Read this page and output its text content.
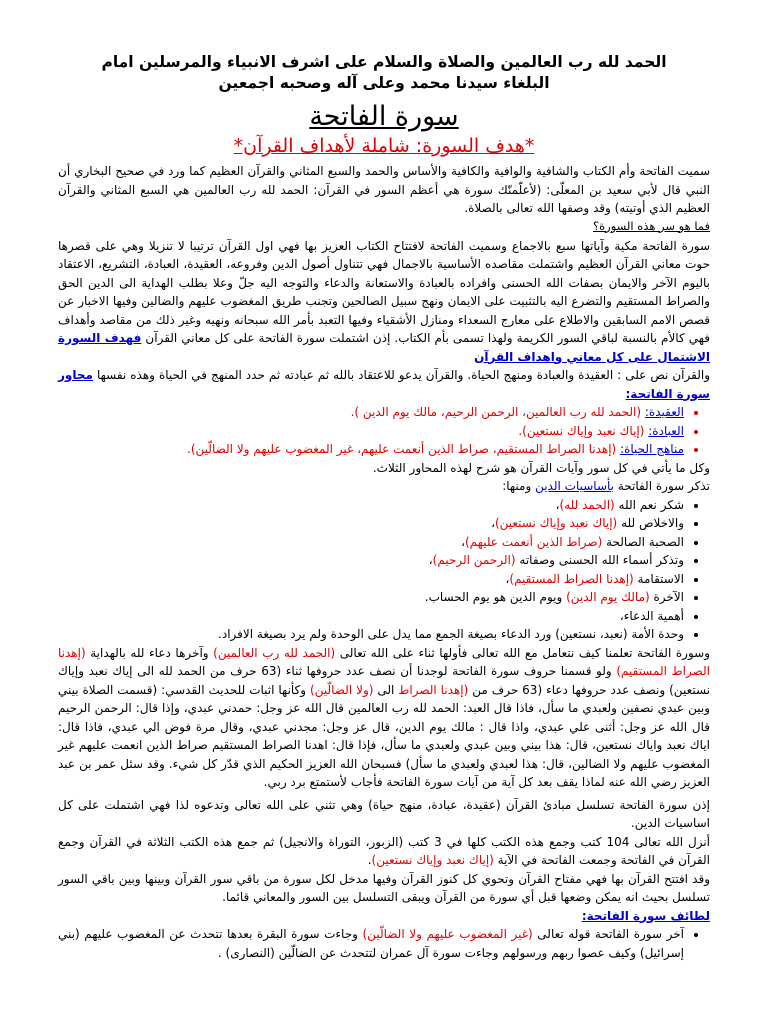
الحمد لله رب العالمين والصلاة والسلام على اشرف الانبياء والمرسلين امام
البلغاء سيدنا محمد وعلى آله وصحبه اجمعين

سورة الفاتحة

*هدف السورة: شاملة لأهداف القرآن*

سميت الفاتحة وأم الكتاب والشافية والوافية والكافية والأساس والحمد والسبع المثاني والقرآن العظيم كما ورد في صحيح البخاري أن النبي قال لأبي سعيد بن المعلّى: (لأعلّمنّك سورة هي أعظم السور في القرآن: الحمد لله رب العالمين هي السبع المثاني والقرآن العظيم الذي أوتيته) وقد وصفها الله تعالى بالصلاة.

فما هو سر هذه السورة؟

سورة الفاتحة مكية وآياتها سبع بالاجماع وسميت الفاتحة لافتتاح الكتاب العزيز بها فهي اول القرآن ترتيبا لا تنزيلا وهي على قصرها حوت معاني القرآن العظيم واشتملت مقاصده الأساسية بالاجمال فهي تتناول أصول الدين وفروعه، العقيدة، العبادة، التشريع، الاعتقاد باليوم الآخر والايمان بصفات الله الحسنى وافراده بالعبادة والاستعانة والدعاء والتوجه اليه جلّ وعلا بطلب الهداية الى الدين الحق والصراط المستقيم والتضرع اليه بالتثبيت على الايمان ونهج سبيل الصالحين وتجنب طريق المغضوب عليهم والضالين وفيها الاخبار عن قصص الامم السابقين والاطلاع على معارج السعداء ومنازل الأشقياء وفيها التعبد بأمر الله سبحانه ونهيه وغير ذلك من مقاصد وأهداف فهي كالأم بالنسبة لباقي السور الكريمة ولهذا تسمى بأم الكتاب. إذن اشتملت سورة الفاتحة على كل معاني القرآن فهدف السورة الاشتمال على كل معاني واهداف القرآن

والقرآن نص على : العقيدة والعبادة ومنهج الحياة. والقرآن يدعو للاعتقاد بالله ثم عبادته ثم حدد المنهج في الحياة وهذه نفسها محاور سورة الفاتحة:

• العقيدة: (الحمد لله رب العالمين، الرحمن الرحيم، مالك يوم الدين ).
• العبادة: (إياك نعبد وإياك نستعين).
• مناهج الحياة: (إهدنا الصراط المستقيم، صراط الذين أنعمت عليهم، غير المغضوب عليهم ولا الضالّين).

وكل ما يأتي في كل سور وآيات القرآن هو شرح لهذه المحاور الثلاث.

تذكر سورة الفاتحة بأساسيات الدين ومنها:

• شكر نعم الله (الحمد لله)،
• والاخلاص لله (إياك نعبد وإياك نستعين)،
• الصحبة الصالحة (صراط الذين أنعمت عليهم)،
• وتذكر أسماء الله الحسنى وصفاته (الرحمن الرحيم)،
• الاستقامة (إهدنا الصراط المستقيم)،
• الآخرة (مالك يوم الدين) ويوم الدين هو يوم الحساب.
• أهمية الدعاء،
• وحدة الأمة (نعبد، نستعين) ورد الدعاء بصيغة الجمع مما يدل على الوحدة ولم يرد بصيغة الافراد.

وسورة الفاتحة تعلمنا كيف نتعامل مع الله تعالى فأولها ثناء على الله تعالى (الحمد لله رب العالمين) وآخرها دعاء لله بالهداية (إهدنا الصراط المستقيم) ولو قسمنا حروف سورة الفاتحة لوجدنا أن نصف عدد حروفها ثناء (63 حرف من الحمد لله الى إياك نعبد وإياك نستعين) ونصف عدد حروفها دعاء (63 حرف من (إهدنا الصراط الى (ولا الضالّين) وكأنها اثبات للحديث القدسي: (قسمت الصلاة بيني وبين عبدي نصفين ولعبدي ما سأل، فاذا قال العبد: الحمد لله رب العالمين قال الله عز وجل: حمدني عبدي، وإذا قال: الرحمن الرحيم قال الله عز وجل: أثنى علي عبدي، واذا قال : مالك يوم الدين، قال عز وجل: مجدني عبدي، وقال مرة فوض الي عبدي، فاذا قال: اياك نعبد واياك نستعين، قال: هذا بيني وبين عبدي ولعبدي ما سأل، فإذا قال: اهدنا الصراط المستقيم صراط الذين انعمت عليهم غير المغضوب عليهم ولا الضالين، قال: هذا لعبدي ولعبدي ما سأل) فسبحان الله العزيز الحكيم الذي قدّر كل شيء. وقد سئل عمر بن عبد العزيز رضي الله عنه لماذا يقف بعد كل آية من آيات سورة الفاتحة فأجاب لأستمتع برد ربي.

إذن سورة الفاتحة تسلسل مبادئ القرآن (عقيدة، عبادة، منهج حياة) وهي تثني على الله تعالى وتدعوه لذا فهي اشتملت على كل اساسيات الدين.

أنزل الله تعالى 104 كتب وجمع هذه الكتب كلها في 3 كتب (الزبور، التوراة والانجيل) ثم جمع هذه الكتب الثلاثة في القرآن وجمع القرآن في الفاتحة وجمعت الفاتحة في الآية (إياك نعبد وإياك نستعين).

وقد افتتح القرآن بها فهي مفتاح القرآن وتحوي كل كنوز القرآن وفيها مدخل لكل سورة من باقي سور القرآن وبينها وبين باقي السور تسلسل بحيث انه يمكن وضعها قبل أي سورة من القرآن ويبقى التسلسل بين السور والمعاني قائما.

لطائف سورة الفاتحة:

• آخر سورة الفاتحة قوله تعالى (غير المغضوب عليهم ولا الضالّين) وجاءت سورة البقرة بعدها تتحدث عن المغضوب عليهم (بني إسرائيل) وكيف عصوا ربهم ورسولهم وجاءت سورة آل عمران لتتحدث عن الضالّين (النصارى) .
